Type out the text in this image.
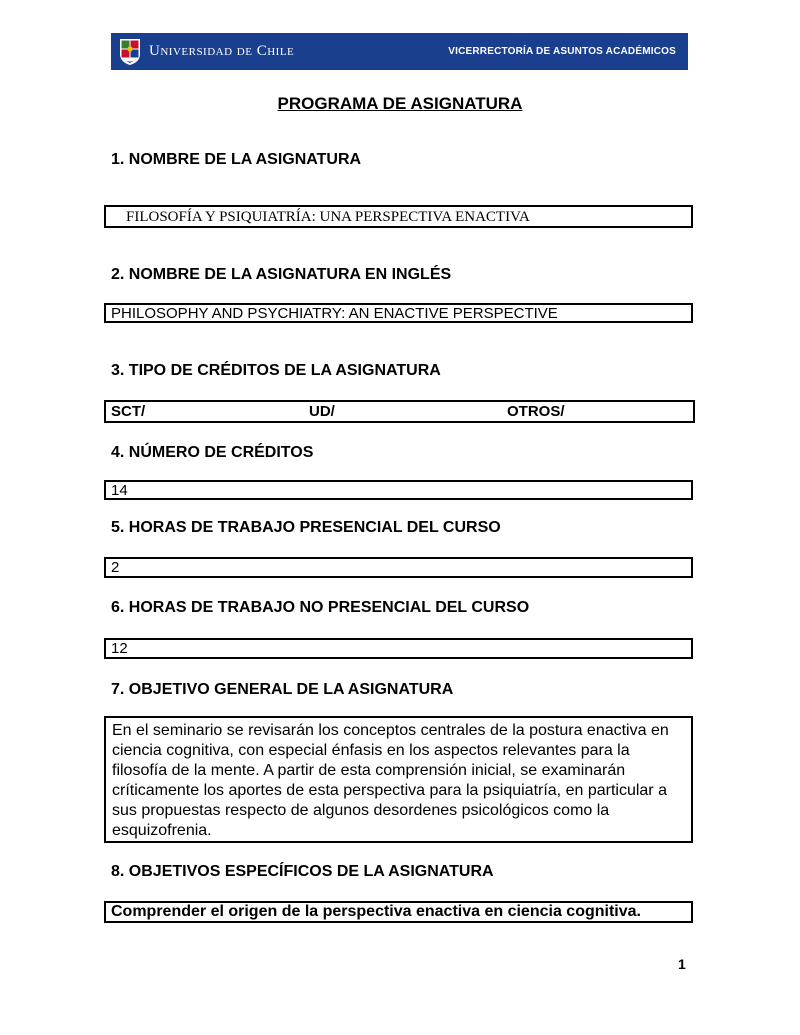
Universidad de Chile	VICERRECTORÍA DE ASUNTOS ACADÉMICOS
PROGRAMA DE ASIGNATURA
1. NOMBRE DE LA ASIGNATURA
FILOSOFÍA Y PSIQUIATRÍA: UNA PERSPECTIVA ENACTIVA
2. NOMBRE DE LA ASIGNATURA EN INGLÉS
PHILOSOPHY AND PSYCHIATRY: AN ENACTIVE PERSPECTIVE
3. TIPO DE CRÉDITOS DE LA ASIGNATURA
SCT/	UD/	OTROS/
4. NÚMERO DE CRÉDITOS
14
5. HORAS DE TRABAJO PRESENCIAL DEL CURSO
2
6. HORAS DE TRABAJO NO PRESENCIAL DEL CURSO
12
7. OBJETIVO GENERAL DE LA ASIGNATURA
En el seminario se revisarán los conceptos centrales de la postura enactiva en ciencia cognitiva, con especial énfasis en los aspectos relevantes para la filosofía de la mente. A partir de esta comprensión inicial, se examinarán críticamente los aportes de esta perspectiva para la psiquiatría, en particular a sus propuestas respecto de algunos desordenes psicológicos como la esquizofrenia.
8. OBJETIVOS ESPECÍFICOS DE LA ASIGNATURA
Comprender el origen de la perspectiva enactiva en ciencia cognitiva.
1
